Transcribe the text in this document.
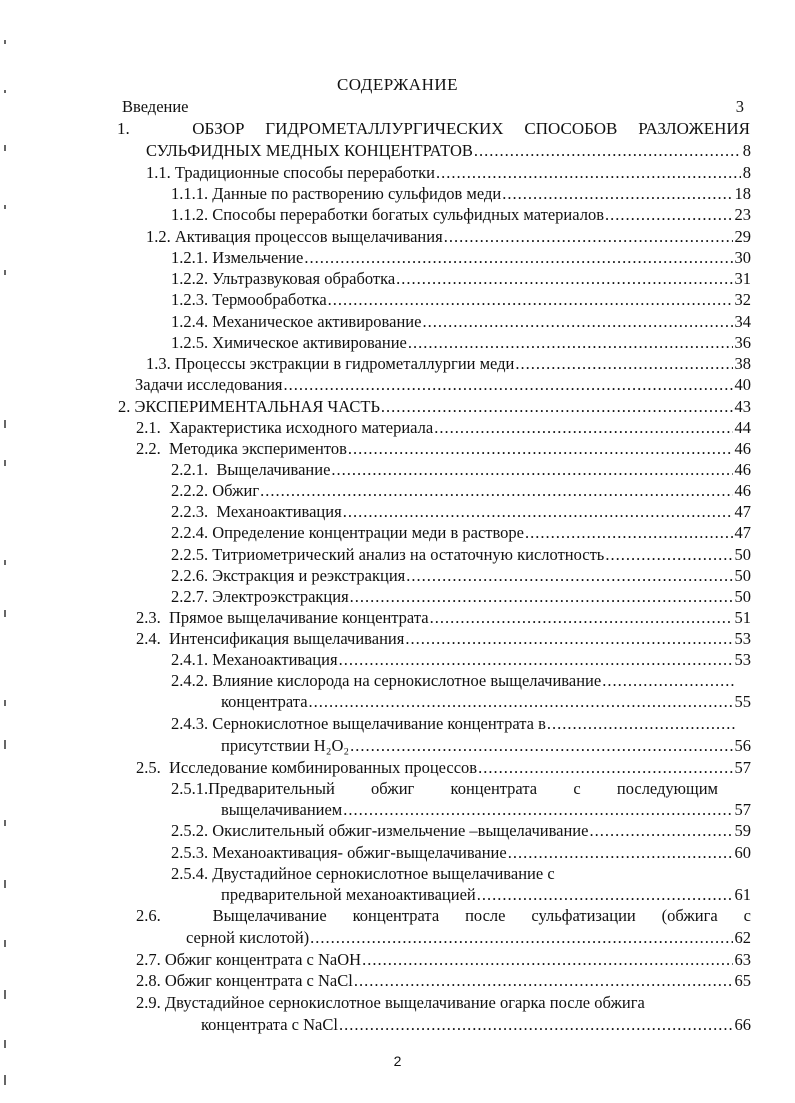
СОДЕРЖАНИЕ
Введение	3
1.	ОБЗОР ГИДРОМЕТАЛЛУРГИЧЕСКИХ СПОСОБОВ РАЗЛОЖЕНИЯ
СУЛЬФИДНЫХ МЕДНЫХ КОНЦЕНТРАТОВ .....	8
1.1. Традиционные способы переработки .....	8
1.1.1. Данные по растворению сульфидов меди .....	18
1.1.2. Способы переработки богатых сульфидных материалов .....	23
1.2. Активация процессов выщелачивания .....	29
1.2.1. Измельчение .....	30
1.2.2. Ультразвуковая обработка .....	31
1.2.3. Термообработка .....	32
1.2.4. Механическое активирование .....	34
1.2.5. Химическое активирование .....	36
1.3. Процессы экстракции в гидрометаллургии меди .....	38
Задачи исследования .....	40
2. ЭКСПЕРИМЕНТАЛЬНАЯ ЧАСТЬ .....	43
2.1. Характеристика исходного материала .....	44
2.2. Методика экспериментов .....	46
2.2.1. Выщелачивание .....	46
2.2.2. Обжиг .....	46
2.2.3. Механоактивация .....	47
2.2.4. Определение концентрации меди в растворе .....	47
2.2.5. Титриометрический анализ на остаточную кислотность .....	50
2.2.6. Экстракция и реэкстракция .....	50
2.2.7. Электроэкстракция .....	50
2.3. Прямое выщелачивание концентрата .....	51
2.4. Интенсификация выщелачивания .....	53
2.4.1. Механоактивация .....	53
2.4.2. Влияние кислорода на сернокислотное выщелачивание
.....
концентрата .....	55
2.4.3. Сернокислотное выщелачивание концентрата в
.....
присутствии H₂O₂ .....	56
2.5. Исследование комбинированных процессов .....	57
2.5.1.Предварительный обжиг концентрата с последующим
выщелачиванием .....	57
2.5.2. Окислительный обжиг-измельчение –выщелачивание .....	59
2.5.3. Механоактивация- обжиг-выщелачивание .....	60
2.5.4. Двустадийное сернокислотное выщелачивание с
предварительной механоактивацией .....	61
2.6.	Выщелачивание концентрата после сульфатизации (обжига с
серной кислотой) .....	62
2.7. Обжиг концентрата с NaOH .....	63
2.8. Обжиг концентрата с NaCl .....	65
2.9. Двустадийное сернокислотное выщелачивание огарка после обжига
концентрата с NaCl .....	66
2
